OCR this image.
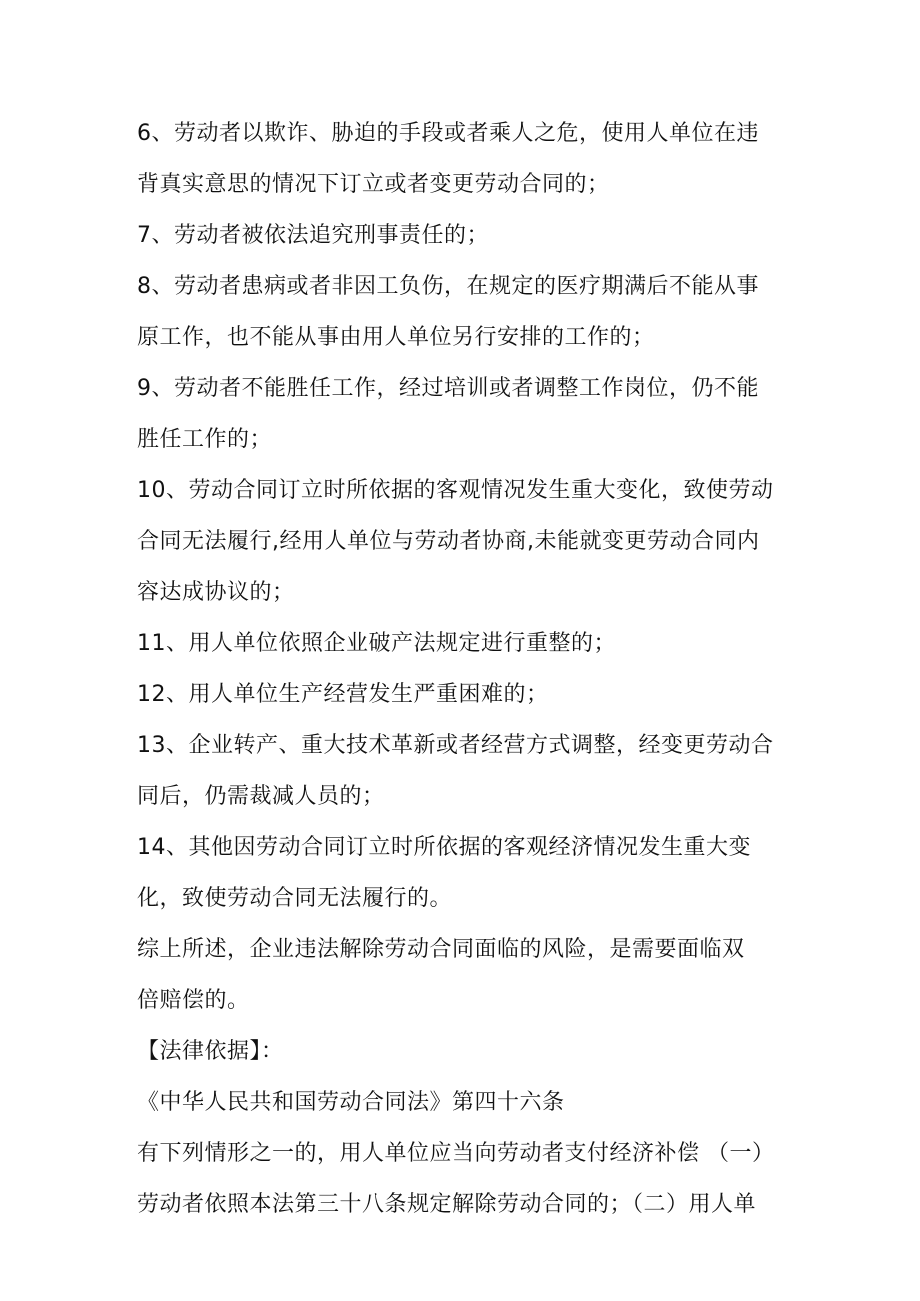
6、劳动者以欺诈、胁迫的手段或者乘人之危，使用人单位在违
背真实意思的情况下订立或者变更劳动合同的；
7、劳动者被依法追究刑事责任的；
8、劳动者患病或者非因工负伤，在规定的医疗期满后不能从事
原工作，也不能从事由用人单位另行安排的工作的；
9、劳动者不能胜任工作，经过培训或者调整工作岗位，仍不能
胜任工作的；
10、劳动合同订立时所依据的客观情况发生重大变化，致使劳动
合同无法履行,经用人单位与劳动者协商,未能就变更劳动合同内
容达成协议的；
11、用人单位依照企业破产法规定进行重整的；
12、用人单位生产经营发生严重困难的；
13、企业转产、重大技术革新或者经营方式调整，经变更劳动合
同后，仍需裁减人员的；
14、其他因劳动合同订立时所依据的客观经济情况发生重大变
化，致使劳动合同无法履行的。
综上所述，企业违法解除劳动合同面临的风险，是需要面临双
倍赔偿的。
【法律依据】：
《中华人民共和国劳动合同法》第四十六条
有下列情形之一的，用人单位应当向劳动者支付经济补偿 （一）
劳动者依照本法第三十八条规定解除劳动合同的；（二）用人单
